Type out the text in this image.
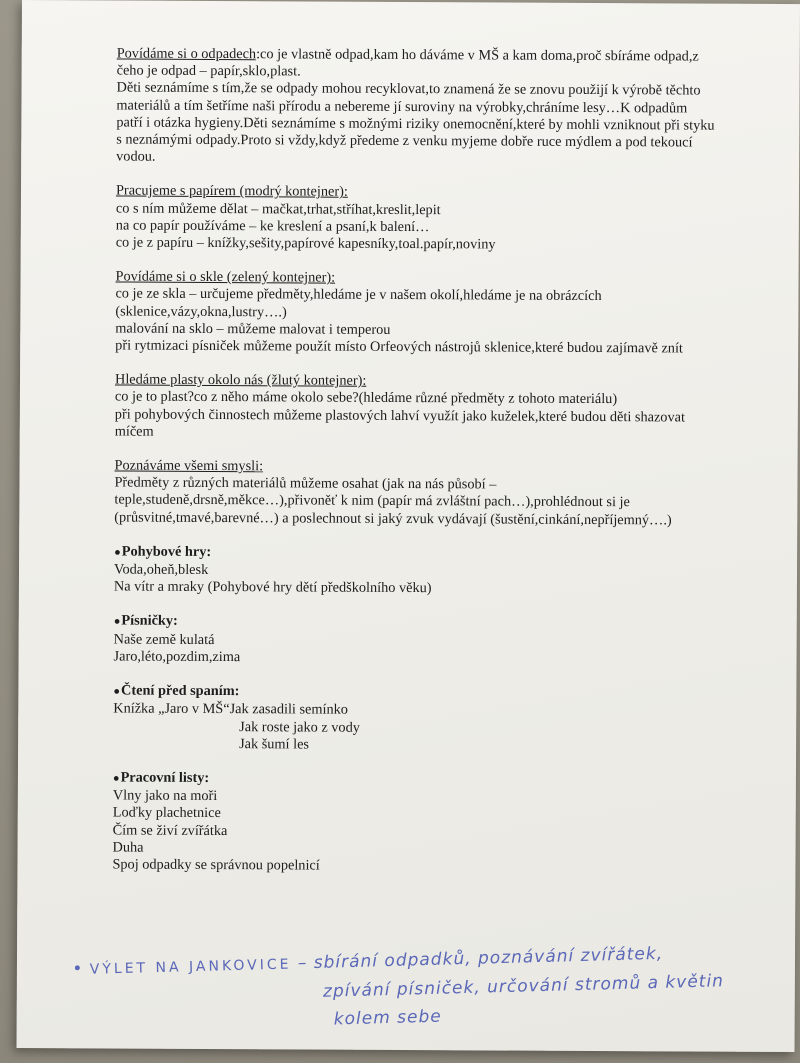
Povídáme si o odpadech:co je vlastně odpad,kam ho dáváme v MŠ a kam doma,proč sbíráme odpad,z čeho je odpad – papír,sklo,plast.

Děti seznámíme s tím,že se odpady mohou recyklovat,to znamená že se znovu použijí k výrobě těchto materiálů a tím šetříme naši přírodu a nebereme jí suroviny na výrobky,chráníme lesy…K odpadům patří i otázka hygieny.Děti seznámíme s možnými riziky onemocnění,které by mohli vzniknout při styku s neznámými odpady.Proto si vždy,když předeme z venku myjeme dobře ruce mýdlem a pod tekoucí vodou.

Pracujeme s papírem (modrý kontejner):

co s ním můžeme dělat – mačkat,trhat,stříhat,kreslit,lepit

na co papír používáme – ke kreslení a psaní,k balení…

co je z papíru – knížky,sešity,papírové kapesníky,toal.papír,noviny

Povídáme si o skle (zelený kontejner):

co je ze skla – určujeme předměty,hledáme je v našem okolí,hledáme je na obrázcích (sklenice,vázy,okna,lustry….)

malování na sklo – můžeme malovat i temperou

při rytmizaci písniček můžeme použít místo Orfeových nástrojů sklenice,které budou zajímavě znít

Hledáme plasty okolo nás (žlutý kontejner):

co je to plast?co z něho máme okolo sebe?(hledáme různé předměty z tohoto materiálu)

při pohybových činnostech můžeme plastových lahví využít jako kuželek,které budou děti shazovat míčem

Poznáváme všemi smysli:

Předměty z různých materiálů můžeme osahat (jak na nás působí – teple,studeně,drsně,měkce…),přivoněť k nim (papír má zvláštní pach…),prohlédnout si je (průsvitné,tmavé,barevné…) a poslechnout si jaký zvuk vydávají (šustění,cinkání,nepříjemný….)

● Pohybové hry:

Voda,oheň,blesk

Na vítr a mraky (Pohybové hry dětí předškolního věku)

● Písničky:

Naše země kulatá

Jaro,léto,pozdim,zima

● Čtení před spaním:

Knížka „Jaro v MŠ“Jak zasadili semínko

Jak roste jako z vody

Jak šumí les

● Pracovní listy:

Vlny jako na moři

Loďky plachetnice

Čím se živí zvířátka

Duha

Spoj odpadky se správnou popelnicí

• VÝLET NA JANKOVICE – sbírání odpadků, poznávání zvířátek,
zpívání písniček, určování stromů a květin
kolem sebe
